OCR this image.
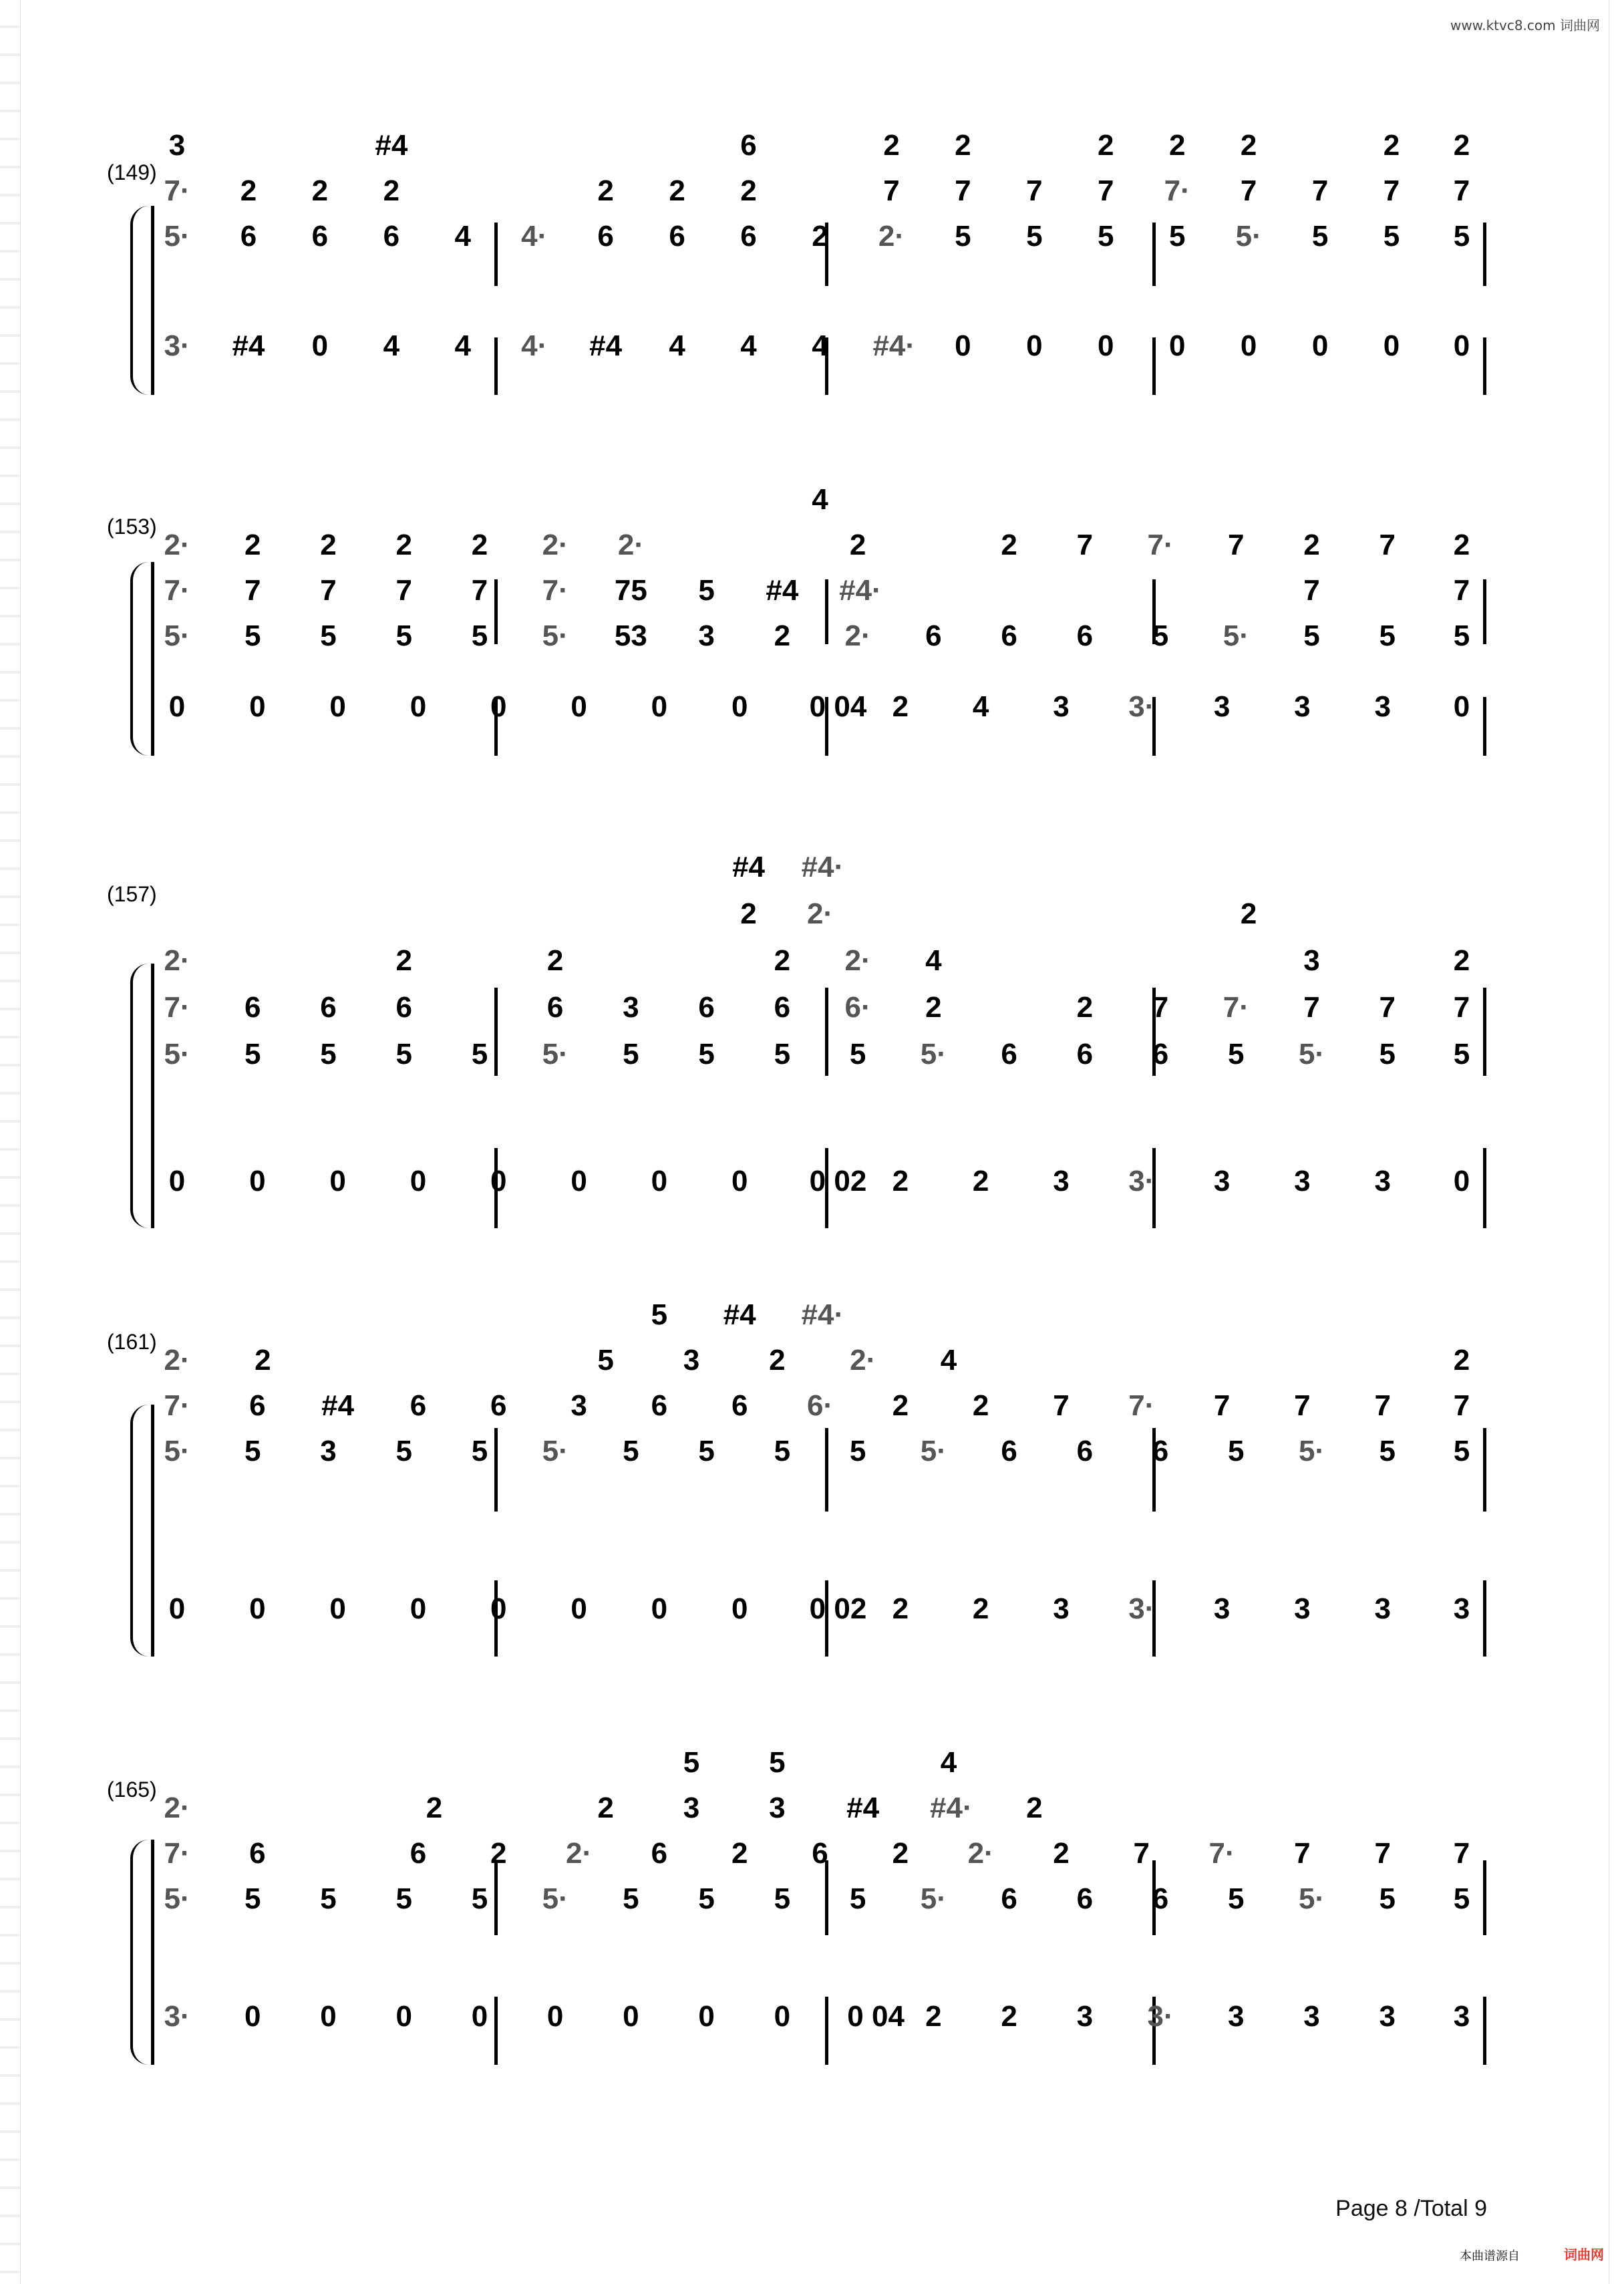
www.ktvc8.com 词曲网
(149)
3	#4	6	2	2	2	2	2	2	2
7·	2	2	2	2	2	2	7	7	7	7	7·	7	7	7	7
5·	6	6	6	4	4·	6	6	6	2	2·	5	5	5	5	5·	5	5	5
3· #4	0	4	4	4· #4	4	4	4	#4·	0	0	0	0	0	0	0	0
(153)
4
2·	2	2	2	2	2· 2·	2	2	7	7·	7	2	7	2
7·	7	7	7	7	7· 75	5	#4 #4·	7	7
5·	5	5	5	5	5· 53	3	2	2·	6	6	6	5	5·	5	5	5
0	0	0	0	0	0	0	0	0 04 2	4	3	3·	3	3	3	0
(157)
#4 #4·
2	2·	2
2·	2	2	2	2·	4	3	2
7·	6	6	6	6	3	6	6	6·	2	2	7	7·	7	7	7
5·	5	5	5	5	5·	5	5	5	5	5·	6	6	6	5	5·	5	5
0	0	0	0	0	0	0	0	0 02 2	2	3	3·	3	3	3	0
(161)
5	#4 #4·
2·	2	5	3	2	2·	4	2
7·	6	#4	6	6	3	6	6	6·	2	2	7	7·	7	7	7	7
5·	5	3	5	5	5·	5	5	5	5	5·	6	6	6	5	5·	5	5
0	0	0	0	0	0	0	0	0 02 2	2	3	3·	3	3	3	3
(165)
5	5	4
2·	2	2	3	3	#4 #4·	2
7·	6	6	2	2·	6	2	6	2	2·	2	7	7·	7	7	7
5·	5	5	5	5	5·	5	5	5	5	5·	6	6	6	5	5·	5	5
3·	0	0	0	0	0	0	0	0	0 04 2	2	3	3·	3	3	3	3
Page 8 /Total 9
本曲谱源自	词曲网
